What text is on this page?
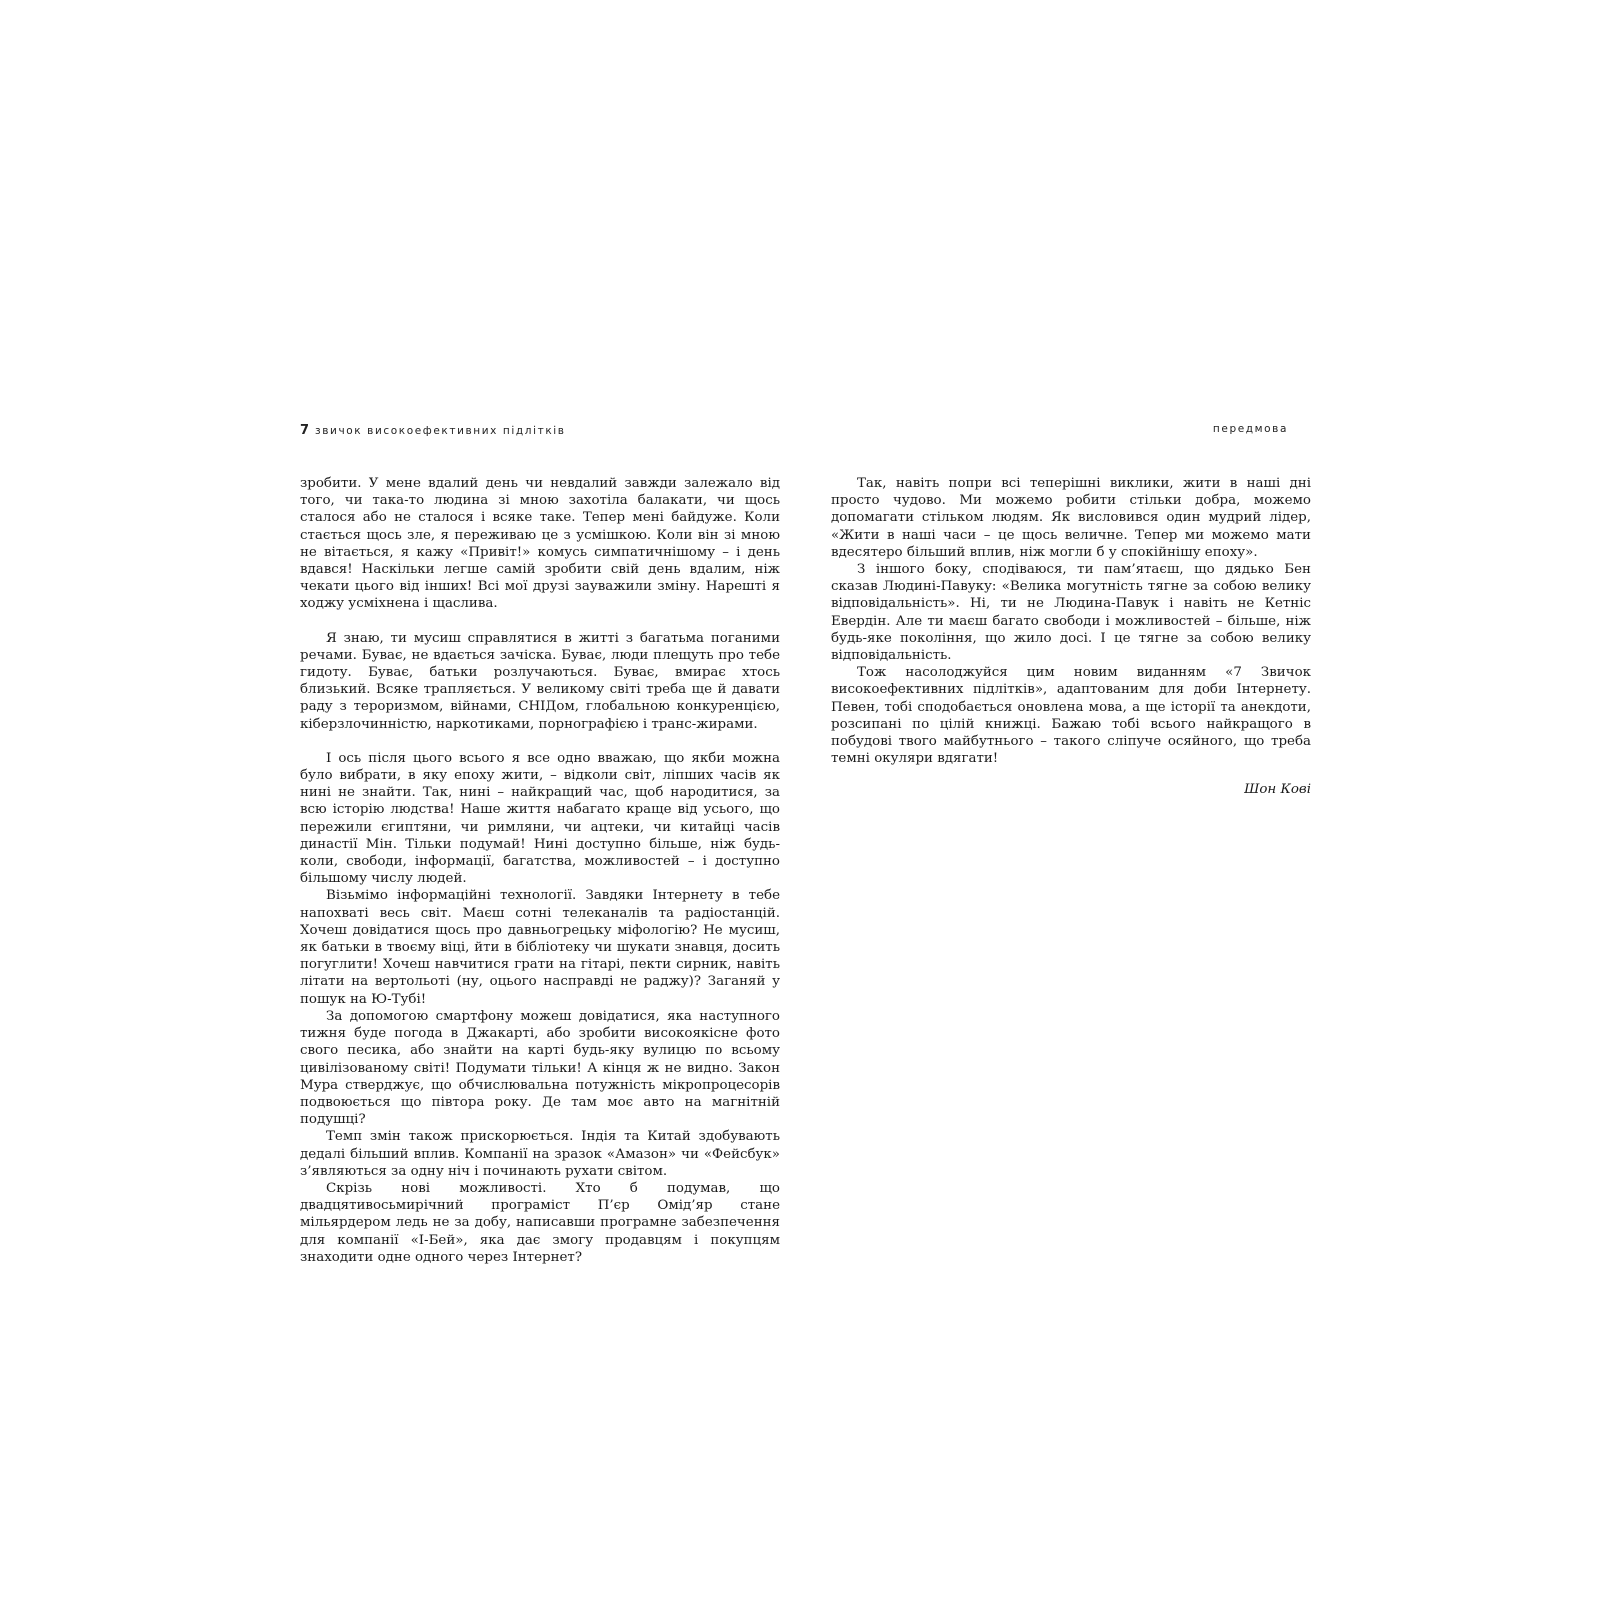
7 звичок високоефективних підлітків	передмова

зробити. У мене вдалий день чи невдалий завжди залежало від того, чи така-то людина зі мною захотіла балакати, чи щось сталося або не сталося і всяке таке. Тепер мені байдуже. Коли стається щось зле, я переживаю це з усмішкою. Коли він зі мною не вітається, я кажу «Привіт!» комусь симпатичнішому – і день вдався! Наскільки легше самій зробити свій день вдалим, ніж чекати цього від інших! Всі мої друзі зауважили зміну. Нарешті я ходжу усміхнена і щаслива.

Я знаю, ти мусиш справлятися в житті з багатьма поганими речами. Буває, не вдається зачіска. Буває, люди плещуть про тебе гидоту. Буває, батьки розлучаються. Буває, вмирає хтось близький. Всяке трапляється. У великому світі треба ще й давати раду з тероризмом, війнами, СНІДом, глобальною конкуренцією, кіберзлочинністю, наркотиками, порнографією і транс-жирами.

І ось після цього всього я все одно вважаю, що якби можна було вибрати, в яку епоху жити, – відколи світ, ліпших часів як нині не знайти. Так, нині – найкращий час, щоб народитися, за всю історію людства! Наше життя набагато краще від усього, що пережили єгиптяни, чи римляни, чи ацтеки, чи китайці часів династії Мін. Тільки подумай! Нині доступно більше, ніж будь-коли, свободи, інформації, багатства, можливостей – і доступно більшому числу людей.

Візьмімо інформаційні технології. Завдяки Інтернету в тебе напохваті весь світ. Маєш сотні телеканалів та радіостанцій. Хочеш довідатися щось про давньогрецьку міфологію? Не мусиш, як батьки в твоєму віці, йти в бібліотеку чи шукати знавця, досить погуглити! Хочеш навчитися грати на гітарі, пекти сирник, навіть літати на вертольоті (ну, оцього насправді не раджу)? Заганяй у пошук на Ю-Тубі!

За допомогою смартфону можеш довідатися, яка наступного тижня буде погода в Джакарті, або зробити високоякісне фото свого песика, або знайти на карті будь-яку вулицю по всьому цивілізованому світі! Подумати тільки! А кінця ж не видно. Закон Мура стверджує, що обчислювальна потужність мікропроцесорів подвоюється що півтора року. Де там моє авто на магнітній подушці?

Темп змін також прискорюється. Індія та Китай здобувають дедалі більший вплив. Компанії на зразок «Амазон» чи «Фейсбук» з’являються за одну ніч і починають рухати світом.

Скрізь нові можливості. Хто б подумав, що двадцятивосьмирічний програміст П’єр Омід’яр стане мільярдером ледь не за добу, написавши програмне забезпечення для компанії «І-Бей», яка дає змогу продавцям і покупцям знаходити одне одного через Інтернет?

Так, навіть попри всі теперішні виклики, жити в наші дні просто чудово. Ми можемо робити стільки добра, можемо допомагати стільком людям. Як висловився один мудрий лідер, «Жити в наші часи – це щось величне. Тепер ми можемо мати вдесятеро більший вплив, ніж могли б у спокійнішу епоху».

З іншого боку, сподіваюся, ти пам’ятаєш, що дядько Бен сказав Людині-Павуку: «Велика могутність тягне за собою велику відповідальність». Ні, ти не Людина-Павук і навіть не Кетніс Евердін. Але ти маєш багато свободи і можливостей – більше, ніж будь-яке покоління, що жило досі. І це тягне за собою велику відповідальність.

Тож насолоджуйся цим новим виданням «7 Звичок високоефективних підлітків», адаптованим для доби Інтернету. Певен, тобі сподобається оновлена мова, а ще історії та анекдоти, розсипані по цілій книжці. Бажаю тобі всього найкращого в побудові твого майбутнього – такого сліпуче осяйного, що треба темні окуляри вдягати!

Шон Кові
